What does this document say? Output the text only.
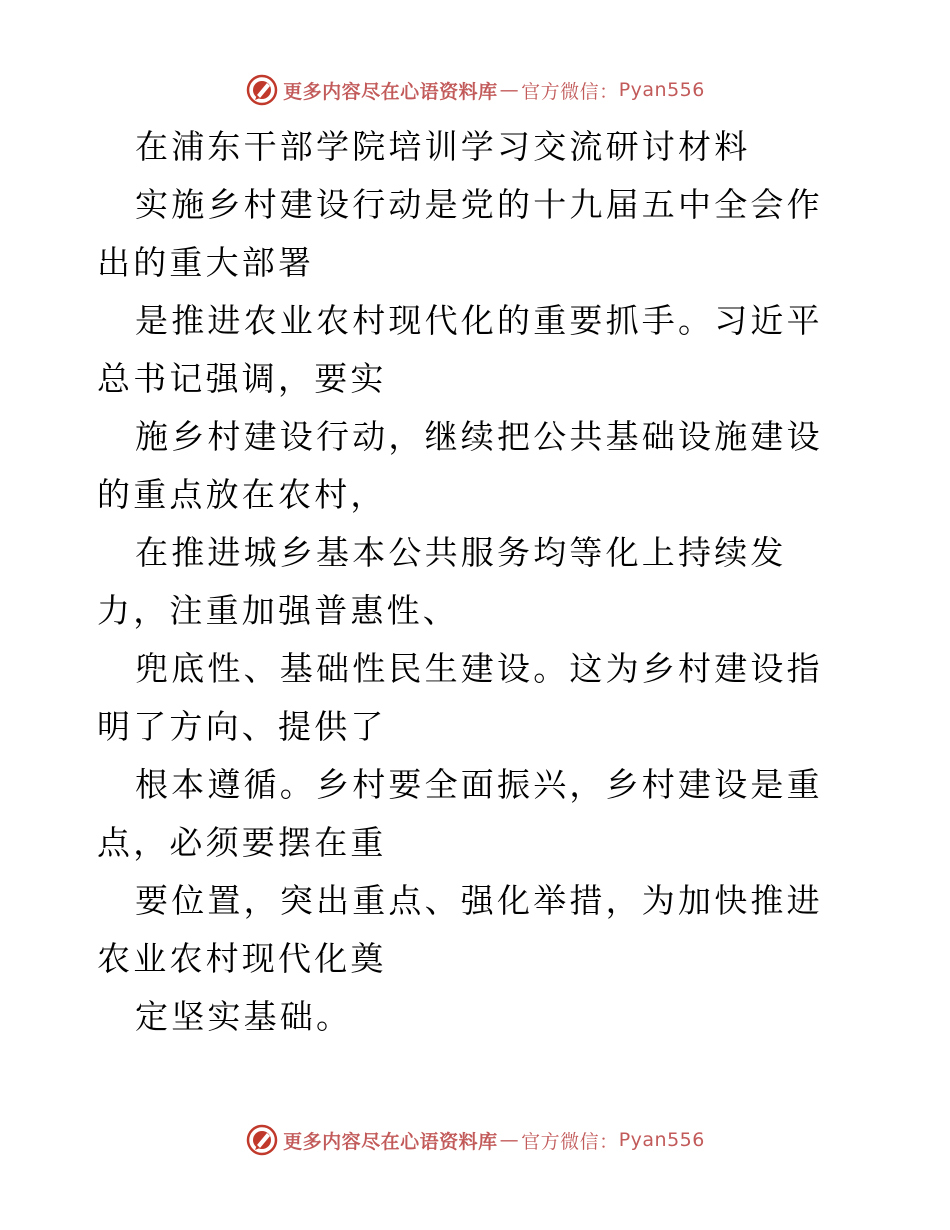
更多内容尽在心语资料库 — 官方微信： Pyan556

在浦东干部学院培训学习交流研讨材料

实施乡村建设行动是党的十九届五中全会作出的重大部署

是推进农业农村现代化的重要抓手。习近平总书记强调，要实

施乡村建设行动，继续把公共基础设施建设的重点放在农村，

在推进城乡基本公共服务均等化上持续发力，注重加强普惠性、

兜底性、基础性民生建设。这为乡村建设指明了方向、提供了

根本遵循。乡村要全面振兴，乡村建设是重点，必须要摆在重

要位置，突出重点、强化举措，为加快推进农业农村现代化奠

定坚实基础。

更多内容尽在心语资料库 — 官方微信： Pyan556
